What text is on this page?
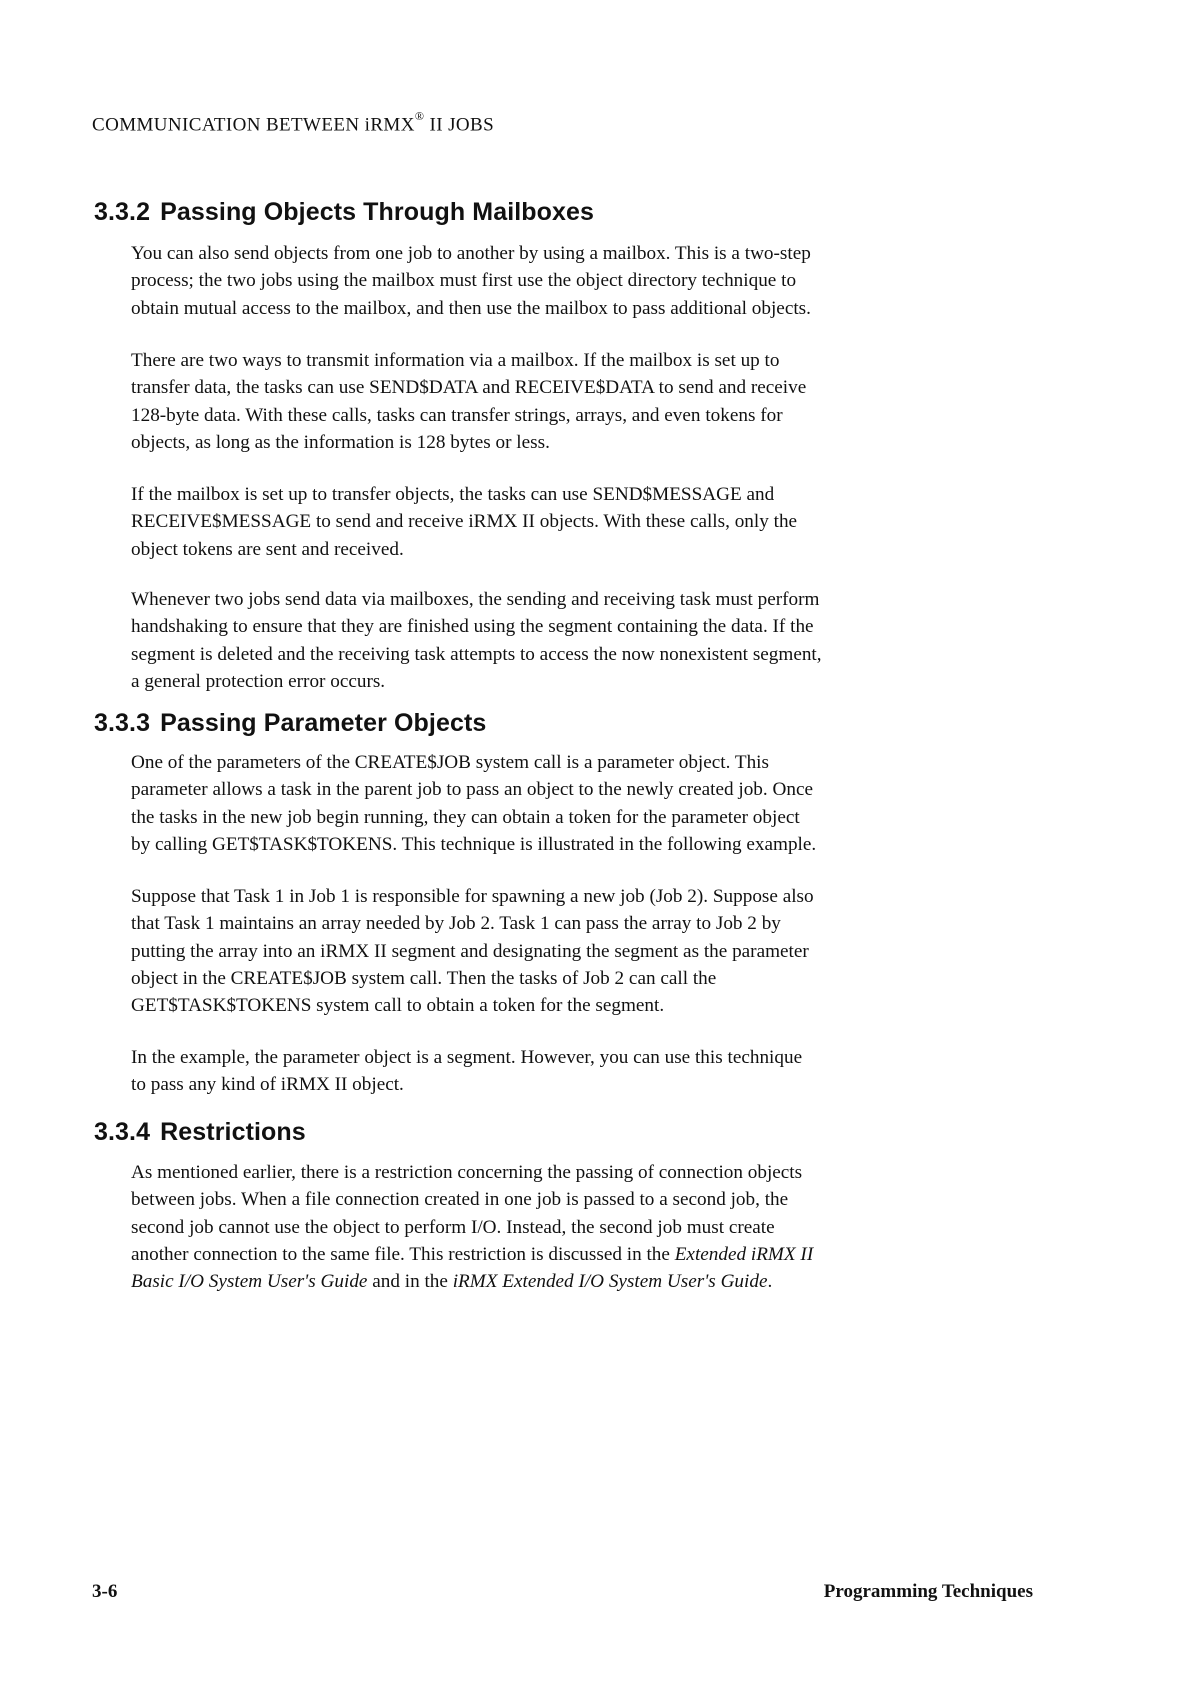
COMMUNICATION BETWEEN iRMX® II JOBS
3.3.2 Passing Objects Through Mailboxes

You can also send objects from one job to another by using a mailbox. This is a two-step
process; the two jobs using the mailbox must first use the object directory technique to
obtain mutual access to the mailbox, and then use the mailbox to pass additional objects.

There are two ways to transmit information via a mailbox. If the mailbox is set up to
transfer data, the tasks can use SEND$DATA and RECEIVE$DATA to send and receive
128-byte data. With these calls, tasks can transfer strings, arrays, and even tokens for
objects, as long as the information is 128 bytes or less.

If the mailbox is set up to transfer objects, the tasks can use SEND$MESSAGE and
RECEIVE$MESSAGE to send and receive iRMX II objects. With these calls, only the
object tokens are sent and received.

Whenever two jobs send data via mailboxes, the sending and receiving task must perform
handshaking to ensure that they are finished using the segment containing the data. If the
segment is deleted and the receiving task attempts to access the now nonexistent segment,
a general protection error occurs.

3.3.3 Passing Parameter Objects

One of the parameters of the CREATE$JOB system call is a parameter object. This
parameter allows a task in the parent job to pass an object to the newly created job. Once
the tasks in the new job begin running, they can obtain a token for the parameter object
by calling GET$TASK$TOKENS. This technique is illustrated in the following example.

Suppose that Task 1 in Job 1 is responsible for spawning a new job (Job 2). Suppose also
that Task 1 maintains an array needed by Job 2. Task 1 can pass the array to Job 2 by
putting the array into an iRMX II segment and designating the segment as the parameter
object in the CREATE$JOB system call. Then the tasks of Job 2 can call the
GET$TASK$TOKENS system call to obtain a token for the segment.

In the example, the parameter object is a segment. However, you can use this technique
to pass any kind of iRMX II object.

3.3.4 Restrictions

As mentioned earlier, there is a restriction concerning the passing of connection objects
between jobs. When a file connection created in one job is passed to a second job, the
second job cannot use the object to perform I/O. Instead, the second job must create
another connection to the same file. This restriction is discussed in the Extended iRMX II
Basic I/O System User's Guide and in the iRMX Extended I/O System User's Guide.

3-6	Programming Techniques
